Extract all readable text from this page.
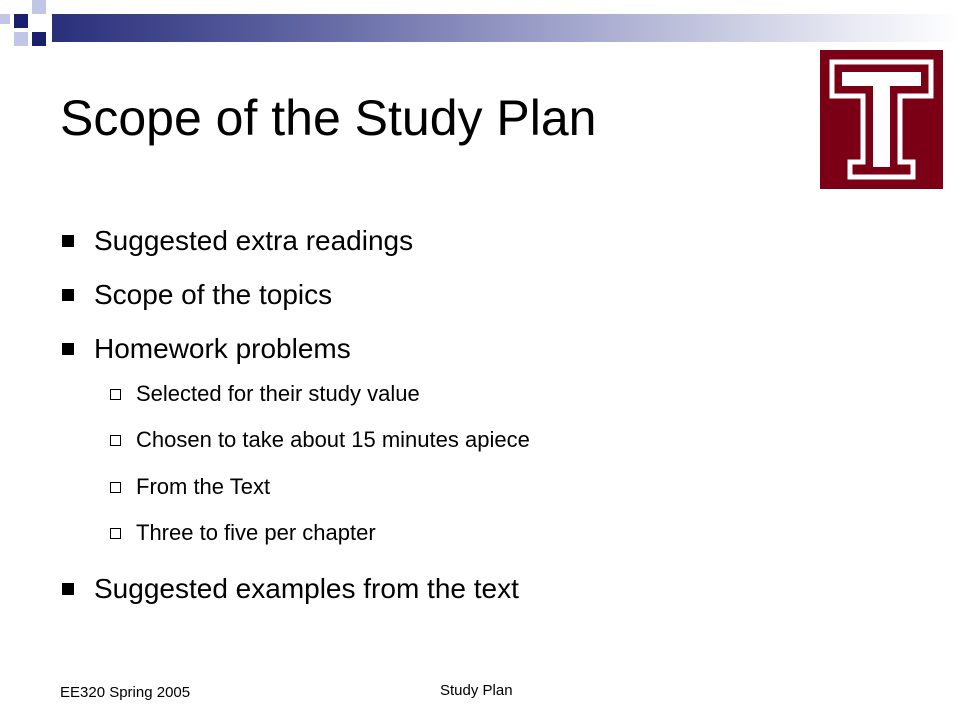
Scope of the Study Plan
Suggested extra readings
Scope of the topics
Homework problems
Selected for their study value
Chosen to take about 15 minutes apiece
From the Text
Three to five per chapter
Suggested examples from the text
EE320 Spring 2005	Study Plan
